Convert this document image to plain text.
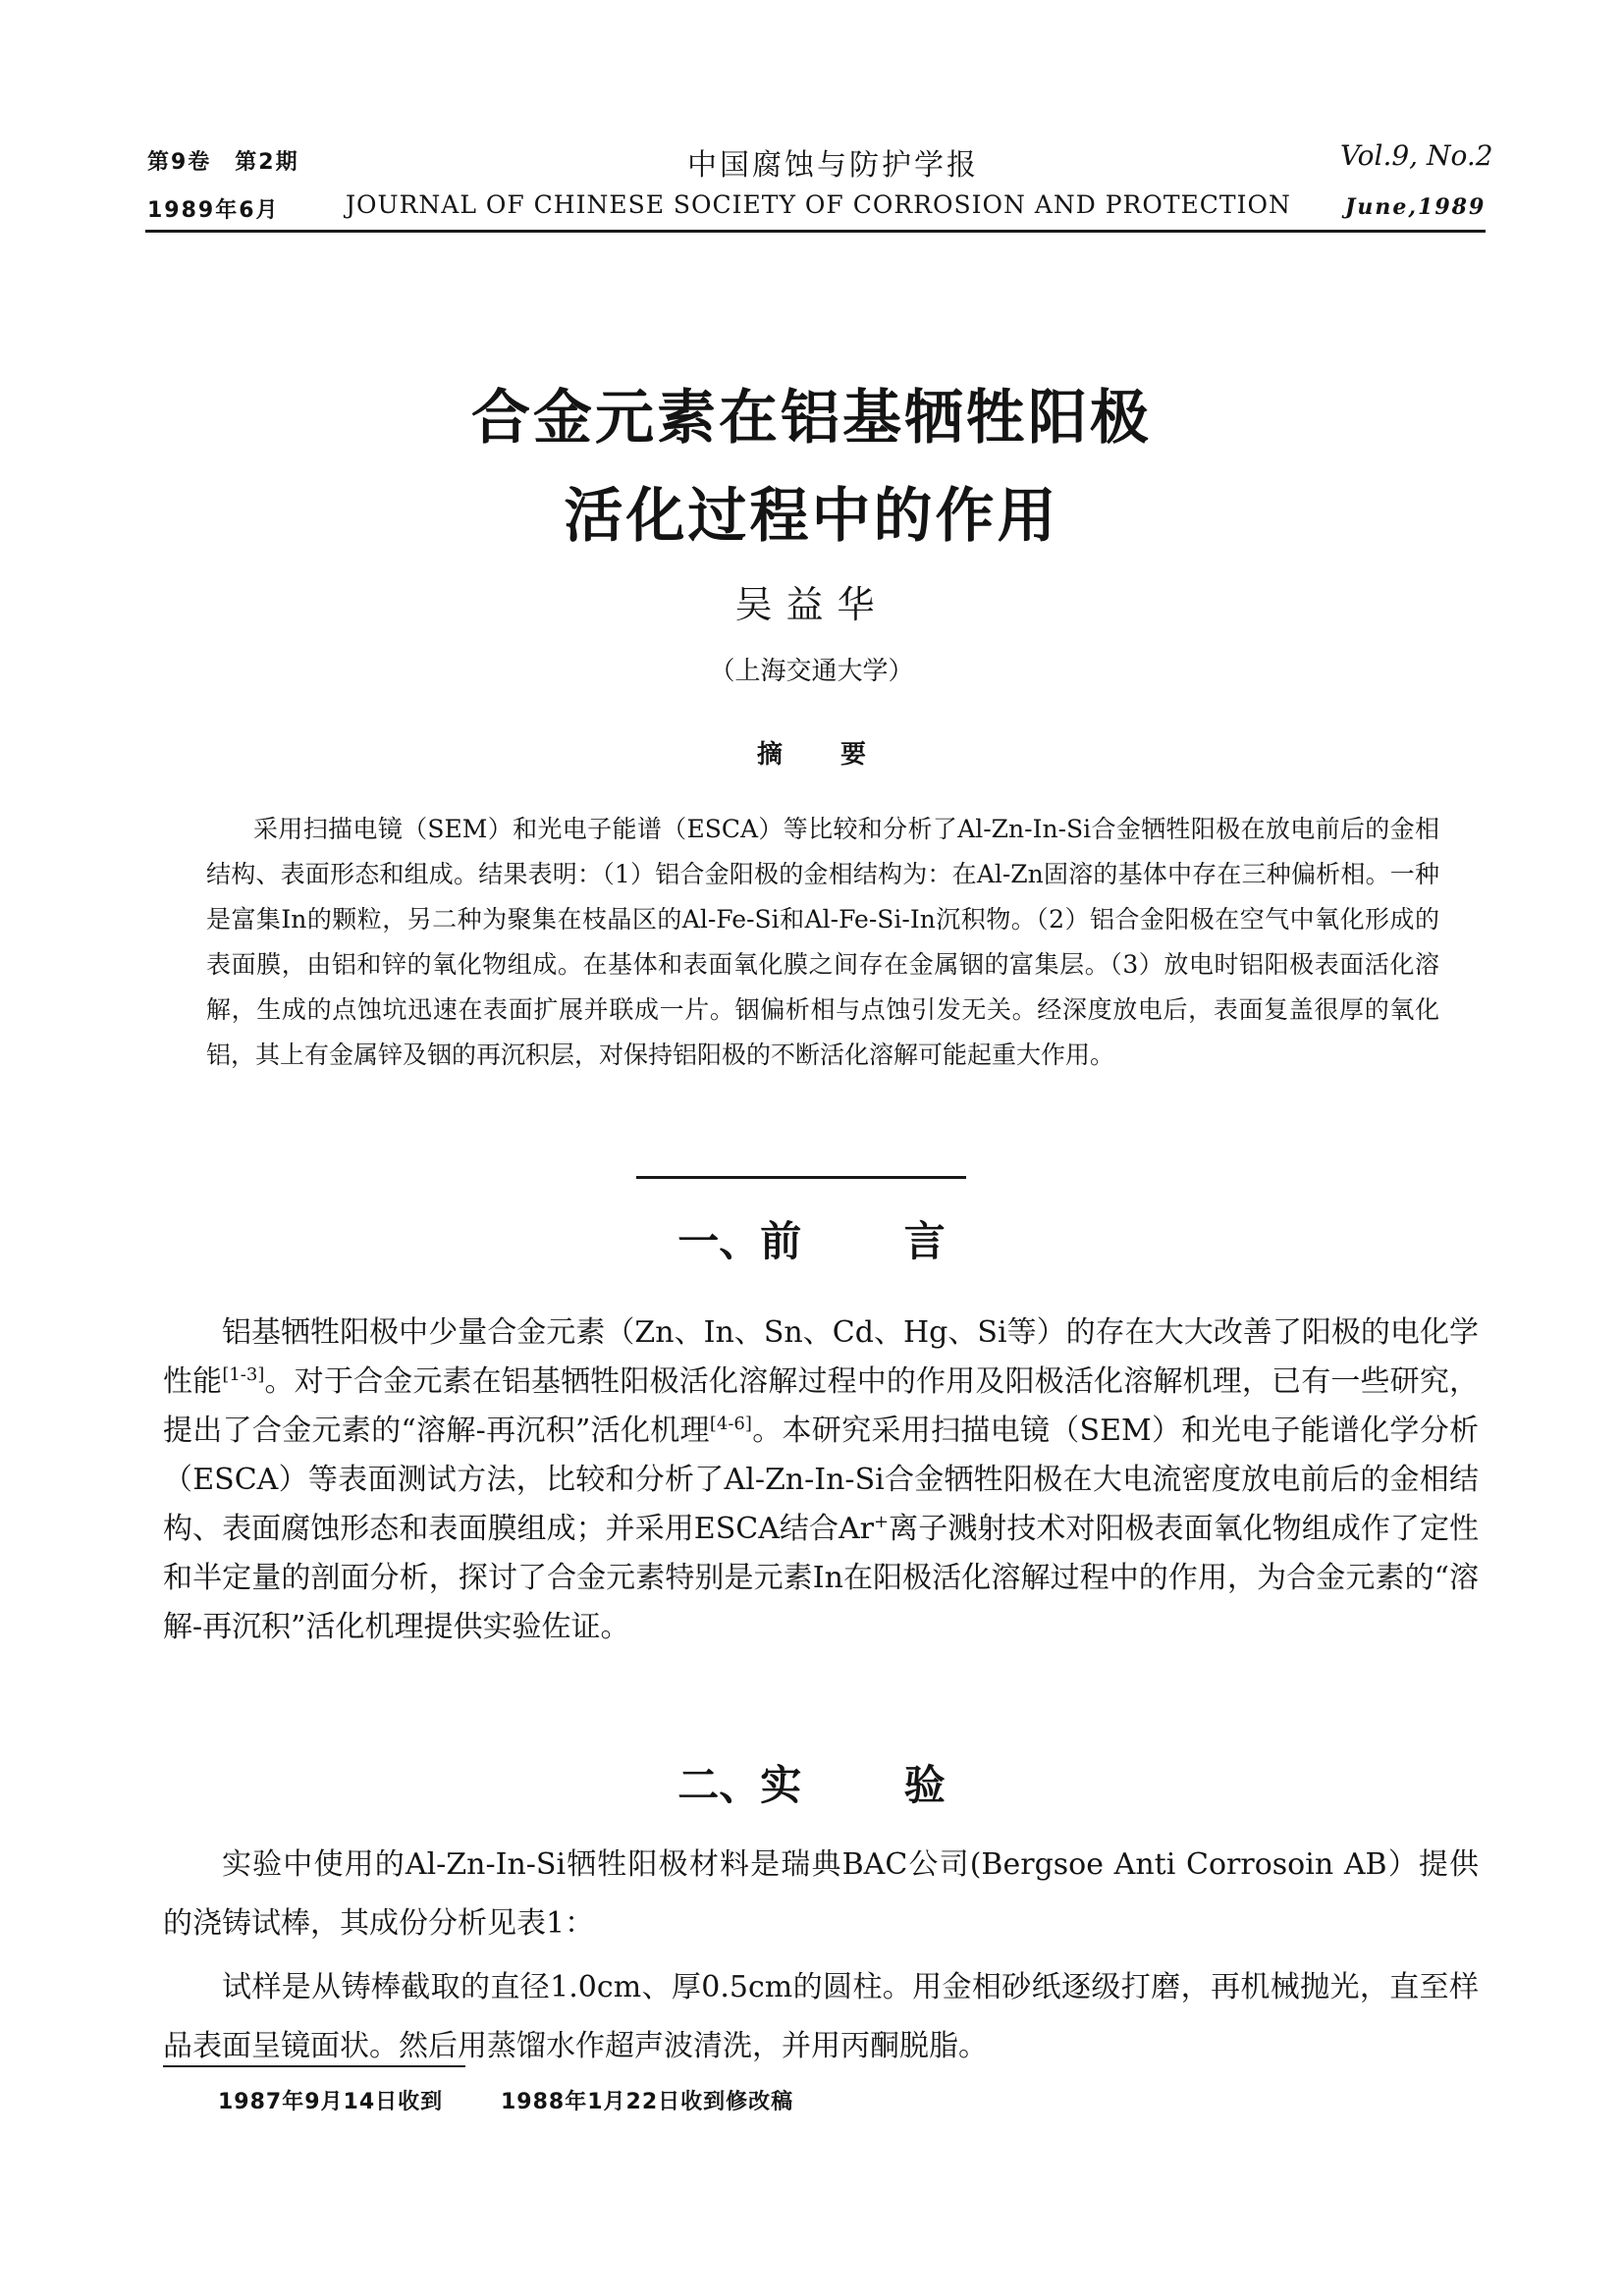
第9卷　第2期	中国腐蚀与防护学报	Vol.9, No.2
1989年6月	JOURNAL OF CHINESE SOCIETY OF CORROSION AND PROTECTION	June,1989
合金元素在铝基牺牲阳极
活化过程中的作用
吴益华
（上海交通大学）
摘 要
采用扫描电镜（SEM）和光电子能谱（ESCA）等比较和分析了Al-Zn-In-Si合金牺牲阳极在放电前后的金相结构、表面形态和组成。结果表明：（1）铝合金阳极的金相结构为：在Al-Zn固溶的基体中存在三种偏析相。一种是富集In的颗粒，另二种为聚集在枝晶区的Al-Fe-Si和Al-Fe-Si-In沉积物。（2）铝合金阳极在空气中氧化形成的表面膜，由铝和锌的氧化物组成。在基体和表面氧化膜之间存在金属铟的富集层。（3）放电时铝阳极表面活化溶解，生成的点蚀坑迅速在表面扩展并联成一片。铟偏析相与点蚀引发无关。经深度放电后，表面复盖很厚的氧化铝，其上有金属锌及铟的再沉积层，对保持铝阳极的不断活化溶解可能起重大作用。
一、前 言
铝基牺牲阳极中少量合金元素（Zn、In、Sn、Cd、Hg、Si等）的存在大大改善了阳极的电化学性能[1-3]。对于合金元素在铝基牺牲阳极活化溶解过程中的作用及阳极活化溶解机理，已有一些研究，提出了合金元素的“溶解-再沉积”活化机理[4-6]。本研究采用扫描电镜（SEM）和光电子能谱化学分析（ESCA）等表面测试方法，比较和分析了Al-Zn-In-Si合金牺牲阳极在大电流密度放电前后的金相结构、表面腐蚀形态和表面膜组成；并采用ESCA结合Ar+离子溅射技术对阳极表面氧化物组成作了定性和半定量的剖面分析，探讨了合金元素特别是元素In在阳极活化溶解过程中的作用，为合金元素的“溶解-再沉积”活化机理提供实验佐证。
二、实 验
实验中使用的Al-Zn-In-Si牺牲阳极材料是瑞典BAC公司(Bergsoe Anti Corrosoin AB）提供的浇铸试棒，其成份分析见表1：
试样是从铸棒截取的直径1.0cm、厚0.5cm的圆柱。用金相砂纸逐级打磨，再机械抛光，直至样品表面呈镜面状。然后用蒸馏水作超声波清洗，并用丙酮脱脂。
1987年9月14日收到	1988年1月22日收到修改稿
